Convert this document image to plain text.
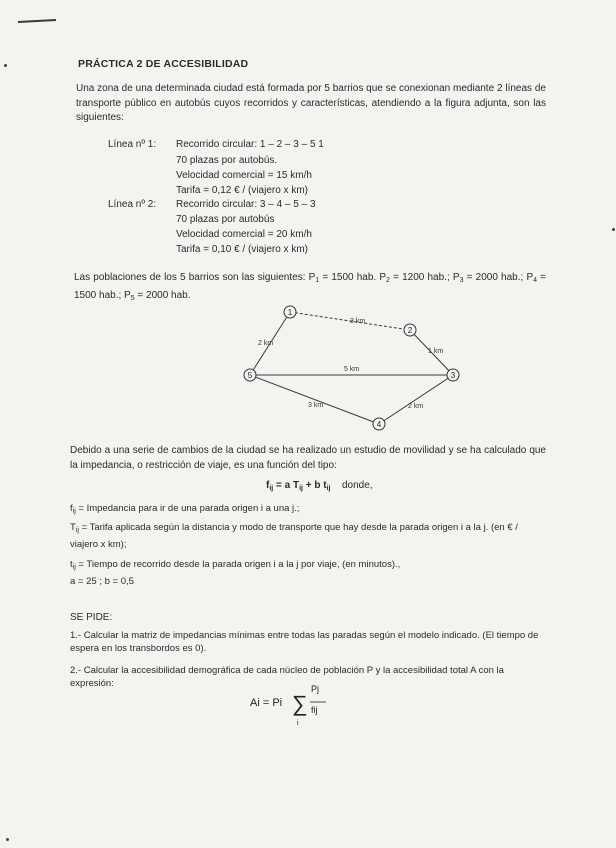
PRÁCTICA 2 DE ACCESIBILIDAD
Una zona de una determinada ciudad está formada por 5 barrios que se conexionan mediante 2 líneas de transporte público en autobús cuyos recorridos y características, atendiendo a la figura adjunta, son las siguientes:
Línea nº 1: Recorrido circular: 1 – 2 – 3 – 5 1
70 plazas por autobús.
Velocidad comercial = 15 km/h
Tarifa = 0,12 € / (viajero x km)
Línea nº 2: Recorrido circular: 3 – 4 – 5 – 3
70 plazas por autobús
Velocidad comercial = 20 km/h
Tarifa = 0,10 € / (viajero x km)
Las poblaciones de los 5 barrios son las siguientes: $P_1 = 1500$ hab. $P_2 = 1200$ hab.; $P_3 = 2000$ hab.; $P_4 = 1500$ hab.; $P_5 = 2000$ hab.
3 km
1 km
5 km
2 km
3 km	2 km
1
2
3
4
5
Debido a una serie de cambios de la ciudad se ha realizado un estudio de movilidad y se ha calculado que la impedancia, o restricción de viaje, es una función del tipo:
$f_{ij} = a$ $T_{ij} + b$ $t_{ij}$ donde,
$f_{ij}$ = Impedancia para ir de una parada origen i a una j.;
$T_{ij}$ = Tarifa aplicada según la distancia y modo de transporte que hay desde la parada origen i a la j. (en € / viajero x km);
$t_{ij}$ = Tiempo de recorrido desde la parada origen i a la j por viaje, (en minutos).,
a = 25 ; b = 0,5
SE PIDE:
1.- Calcular la matriz de impedancias mínimas entre todas las paradas según el modelo indicado. (El tiempo de espera en los transbordos es 0).
2.- Calcular la accesibilidad demográfica de cada núcleo de población P y la accesibilidad total A con la expresión:
Ai = Pi ∑
Pj
fij
i
